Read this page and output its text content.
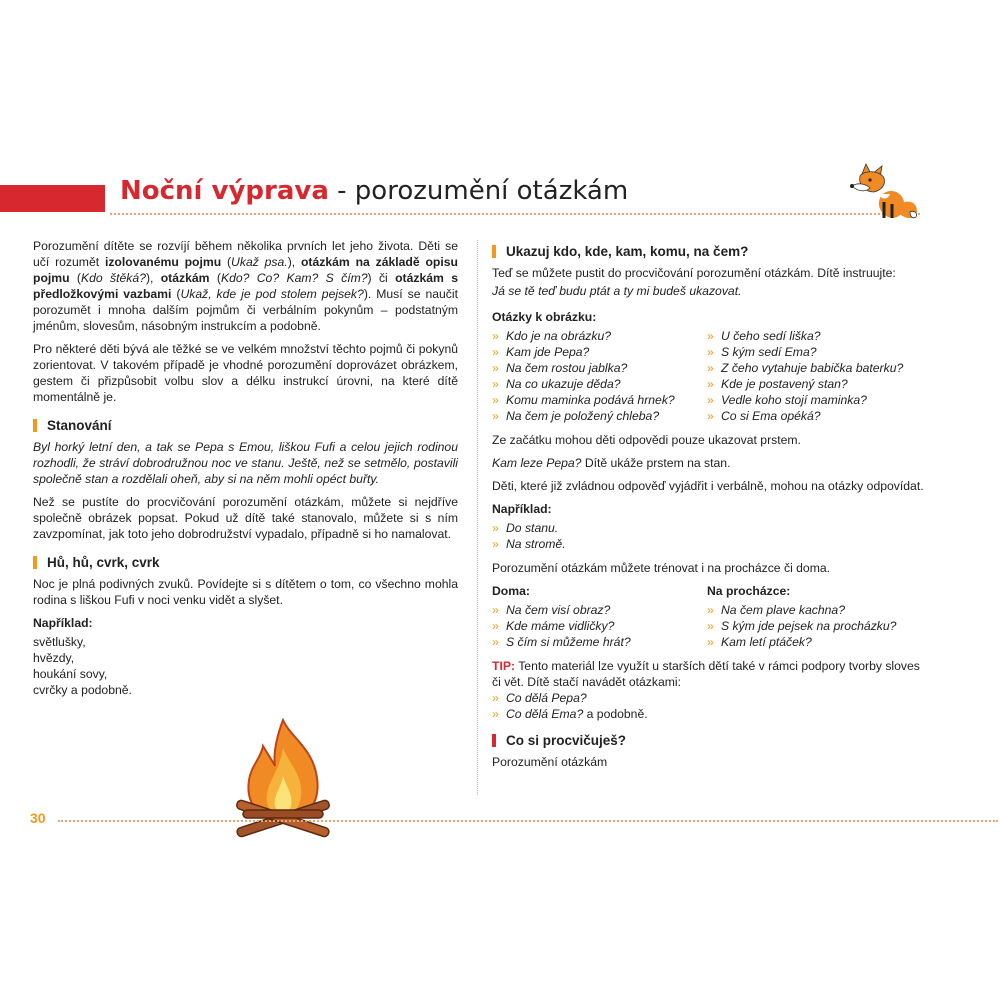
Noční výprava - porozumění otázkám

Porozumění dítěte se rozvíjí během několika prvních let jeho života. Děti se učí rozumět izolovanému pojmu (Ukaž psa.), otázkám na základě opisu pojmu (Kdo štěká?), otázkám (Kdo? Co? Kam? S čím?) či otázkám s předložkovými vazbami (Ukaž, kde je pod stolem pejsek?). Musí se naučit porozumět i mnoha dalším pojmům či verbálním pokynům – podstatným jménům, slovesům, násobným instrukcím a podobně.

Pro některé děti bývá ale těžké se ve velkém množství těchto pojmů či pokynů zorientovat. V takovém případě je vhodné porozumění doprovázet obrázkem, gestem či přizpůsobit volbu slov a délku instrukcí úrovni, na které dítě momentálně je.

Stanování

Byl horký letní den, a tak se Pepa s Emou, liškou Fufi a celou jejich rodinou rozhodli, že stráví dobrodružnou noc ve stanu. Ještě, než se setmělo, postavili společně stan a rozdělali oheň, aby si na něm mohli opéct buřty.

Než se pustíte do procvičování porozumění otázkám, můžete si nejdříve společně obrázek popsat. Pokud už dítě také stanovalo, můžete si s ním zavzpomínat, jak toto jeho dobrodružství vypadalo, případně si ho namalovat.

Hů, hů, cvrk, cvrk

Noc je plná podivných zvuků. Povídejte si s dítětem o tom, co všechno mohla rodina s liškou Fufi v noci venku vidět a slyšet.

Například:
světlušky,
hvězdy,
houkání sovy,
cvrčky a podobně.
Ukazuj kdo, kde, kam, komu, na čem?

Teď se můžete pustit do procvičování porozumění otázkám. Dítě instruujte:

Já se tě teď budu ptát a ty mi budeš ukazovat.

Otázky k obrázku:
» Kdo je na obrázku?
» Kam jde Pepa?
» Na čem rostou jablka?
» Na co ukazuje děda?
» Komu maminka podává hrnek?
» Na čem je položený chleba?
» U čeho sedí liška?
» S kým sedí Ema?
» Z čeho vytahuje babička baterku?
» Kde je postavený stan?
» Vedle koho stojí maminka?
» Co si Ema opéká?

Ze začátku mohou děti odpovědi pouze ukazovat prstem.

Kam leze Pepa? Dítě ukáže prstem na stan.

Děti, které již zvládnou odpověď vyjádřit i verbálně, mohou na otázky odpovídat.

Například:
» Do stanu.
» Na stromě.

Porozumění otázkám můžete trénovat i na procházce či doma.

Doma:
» Na čem visí obraz?
» Kde máme vidličky?
» S čím si můžeme hrát?
Na procházce:
» Na čem plave kachna?
» S kým jde pejsek na procházku?
» Kam letí ptáček?

TIP: Tento materiál lze využít u starších dětí také v rámci podpory tvorby sloves či vět. Dítě stačí navádět otázkami:

» Co dělá Pepa?
» Co dělá Ema? a podobně.
Co si procvičuješ?

Porozumění otázkám

30
